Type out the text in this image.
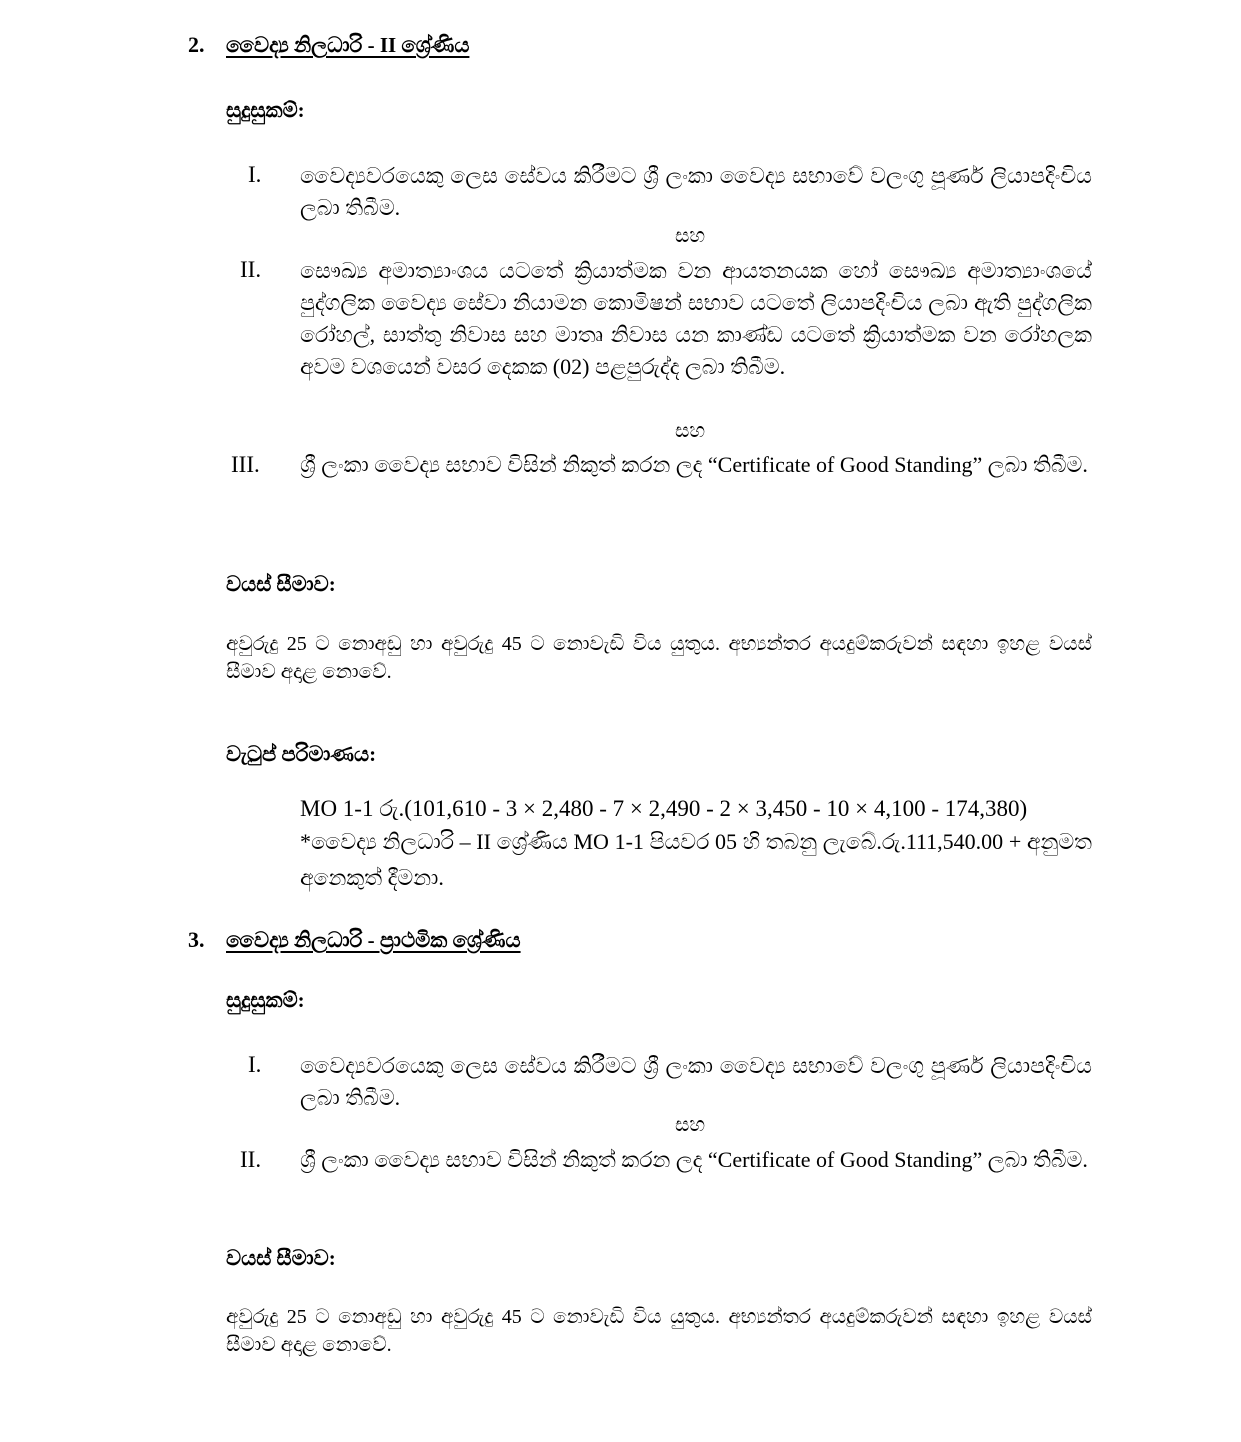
2. වෛද්‍ය නිලධාරි - II ශ්‍රේණිය
සුදුසුකම්:
I. වෛද්‍යවරයෙකු ලෙස සේවය කිරීමට ශ්‍රී ලංකා වෛද්‍ය සභාවේ වලංගු පූර්ණ ලියාපදිංචිය ලබා තිබීම.
සහ
II. සෞඛ්‍ය අමාත්‍යාංශය යටතේ ක්‍රියාත්මක වන ආයතනයක හෝ සෞඛ්‍ය අමාත්‍යාංශයේ පුද්ගලික වෛද්‍ය සේවා නියාමන කොමිෂන් සභාව යටතේ ලියාපදිංචිය ලබා ඇති පුද්ගලික රෝහල්, සාත්තු නිවාස සහ මාතෘ නිවාස යන කාණ්ඩ යටතේ ක්‍රියාත්මක වන රෝහලක අවම වශයෙන් වසර දෙකක (02) පළපුරුද්ද ලබා තිබීම.
සහ
III. ශ්‍රී ලංකා වෛද්‍ය සභාව විසින් නිකුත් කරන ලද “Certificate of Good Standing” ලබා තිබීම.
වයස් සීමාව:
අවුරුදු 25 ට නොඅඩු හා අවුරුදු 45 ට නොවැඩි විය යුතුය. අභ්‍යන්තර අයදුම්කරුවන් සඳහා ඉහළ වයස් සීමාව අදාළ නොවේ.
වැටුප් පරිමාණය:
MO 1-1 රු.(101,610 - 3 × 2,480 - 7 × 2,490 - 2 × 3,450 - 10 × 4,100 - 174,380)
*වෛද්‍ය නිලධාරි – II ශ්‍රේණිය MO 1-1 පියවර 05 හි තබනු ලැබේ.රු.111,540.00 + අනුමත අනෙකුත් දීමනා.
3. වෛද්‍ය නිලධාරි - ප්‍රාථමික ශ්‍රේණිය
සුදුසුකම්:
I. වෛද්‍යවරයෙකු ලෙස සේවය කිරීමට ශ්‍රී ලංකා වෛද්‍ය සභාවේ වලංගු පූර්ණ ලියාපදිංචිය ලබා තිබීම.
සහ
II. ශ්‍රී ලංකා වෛද්‍ය සභාව විසින් නිකුත් කරන ලද “Certificate of Good Standing” ලබා තිබීම.
වයස් සීමාව:
අවුරුදු 25 ට නොඅඩු හා අවුරුදු 45 ට නොවැඩි විය යුතුය. අභ්‍යන්තර අයදුම්කරුවන් සඳහා ඉහළ වයස් සීමාව අදාළ නොවේ.
